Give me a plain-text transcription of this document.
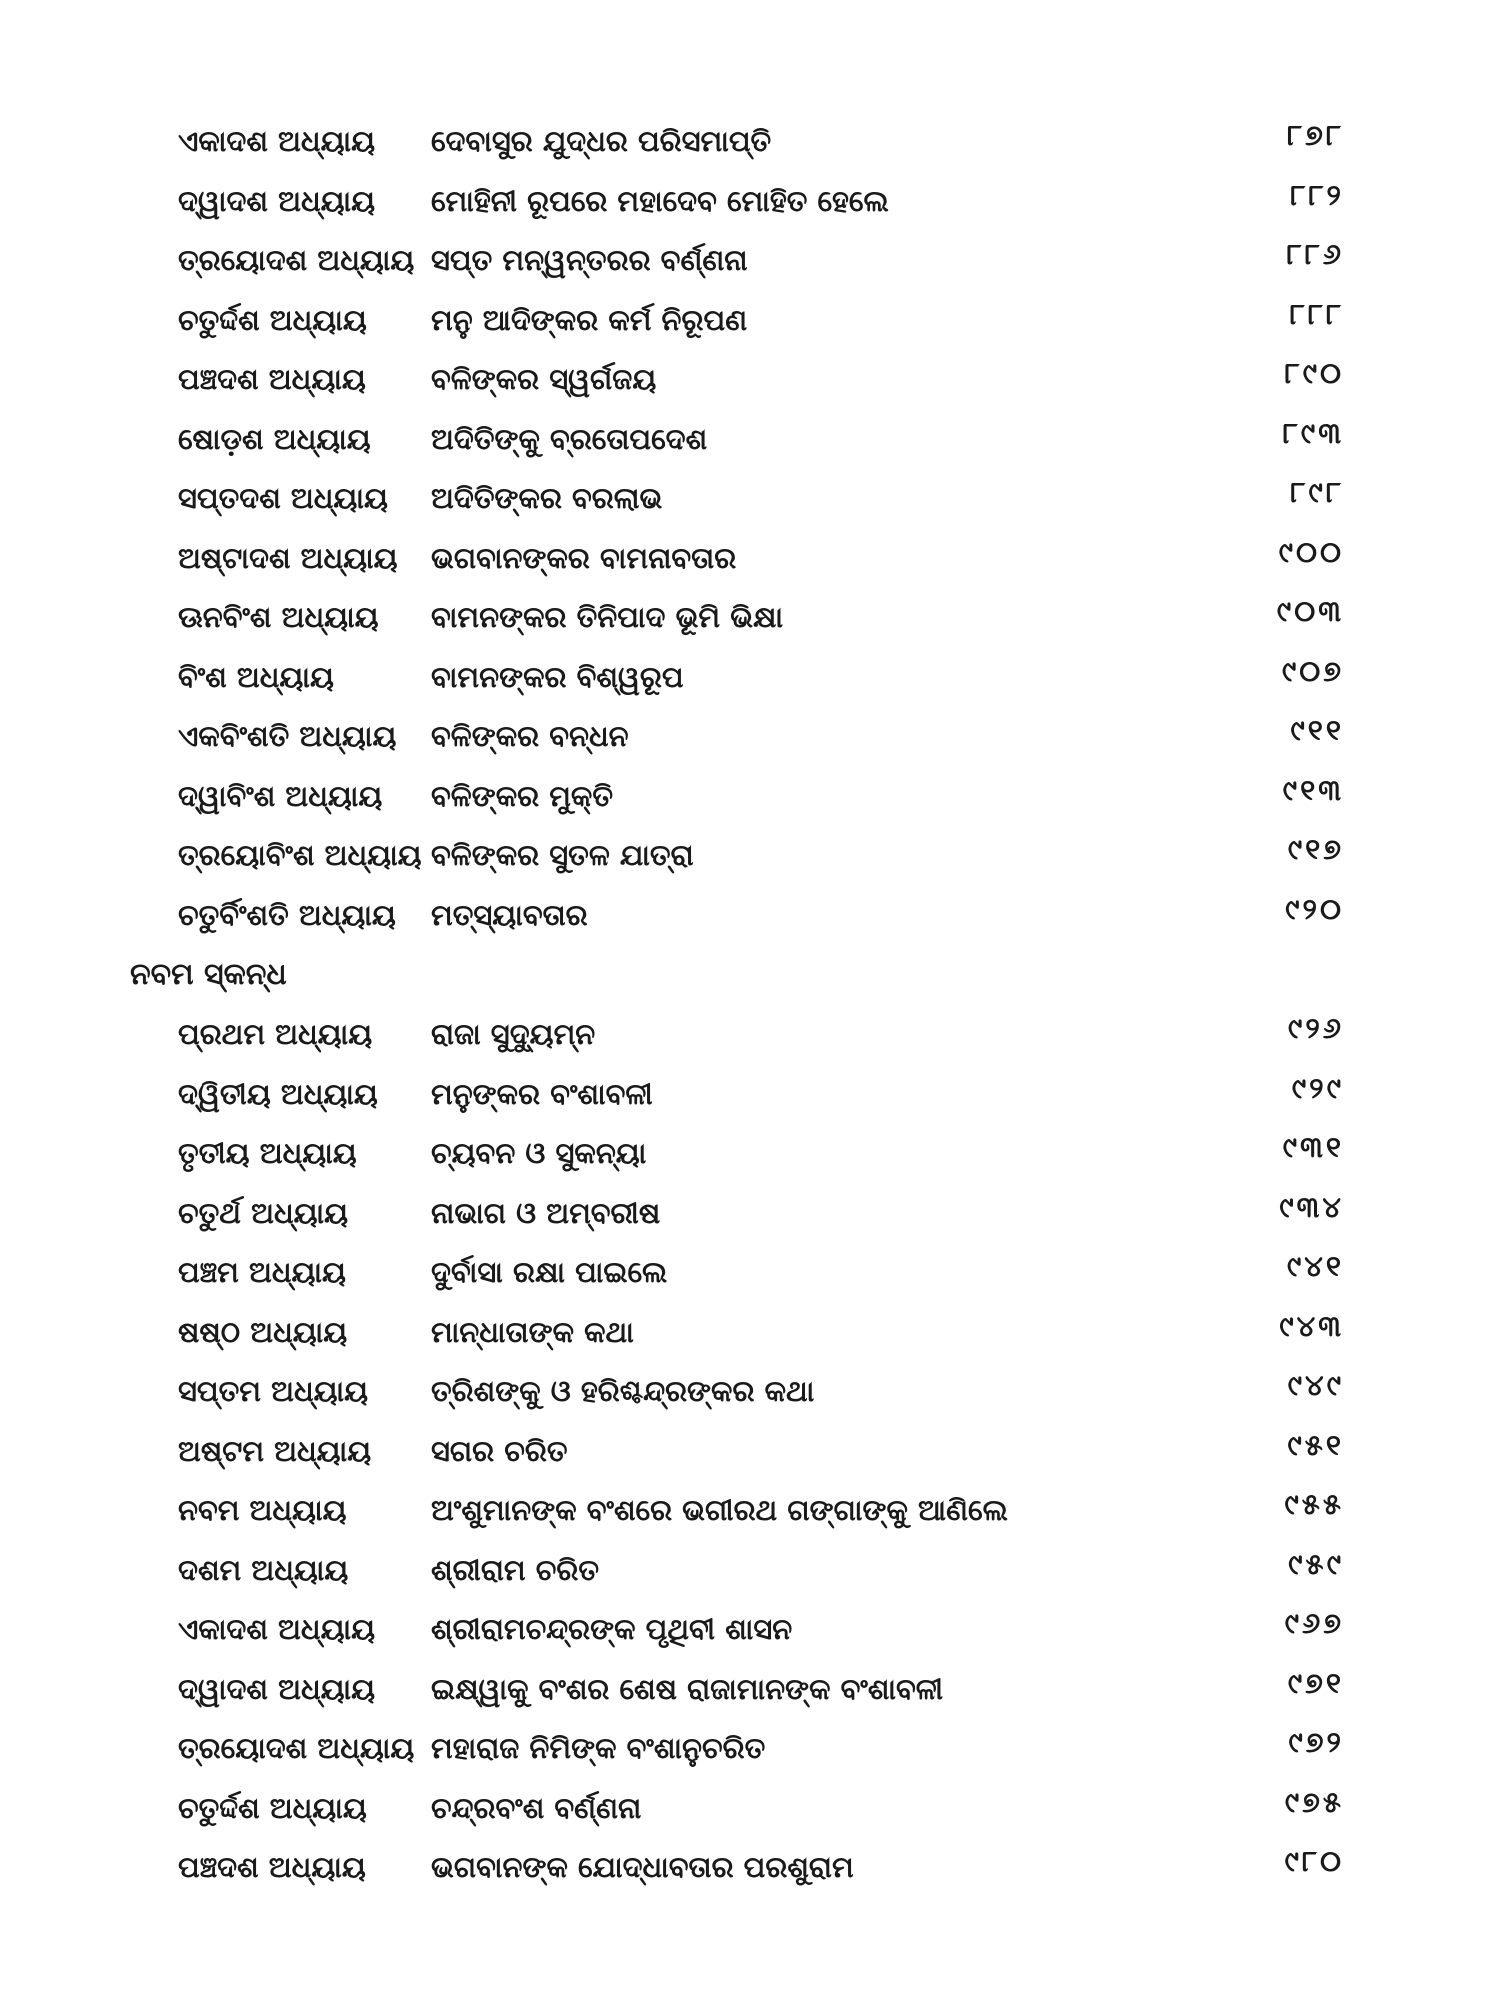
ଏକାଦଶ ଅଧ୍ୟାୟ ଦେବାସୁର ଯୁଦ୍ଧର ପରିସମାପ୍ତି	୮୭୮
ଦ୍ୱାଦଶ ଅଧ୍ୟାୟ ମୋହିନୀ ରୂପରେ ମହାଦେବ ମୋହିତ ହେଲେ	୮୮୨
ତ୍ରୟୋଦଶ ଅଧ୍ୟାୟ ସପ୍ତ ମନ୍ୱନ୍ତରର ବର୍ଣ୍ଣନା	୮୮୬
ଚତୁର୍ଦ୍ଦଶ ଅଧ୍ୟାୟ ମନୁ ଆଦିଙ୍କର କର୍ମ ନିରୂପଣ	୮୮୮
ପଞ୍ଚଦଶ ଅଧ୍ୟାୟ ବଳିଙ୍କର ସ୍ୱର୍ଗଜୟ	୮୯୦
ଷୋଡ଼ଶ ଅଧ୍ୟାୟ ଅଦିତିଙ୍କୁ ବ୍ରତୋପଦେଶ	୮୯୩
ସପ୍ତଦଶ ଅଧ୍ୟାୟ ଅଦିତିଙ୍କର ବରଲାଭ	୮୯୮
ଅଷ୍ଟାଦଶ ଅଧ୍ୟାୟ ଭଗବାନଙ୍କର ବାମନାବତାର	୯୦୦
ଊନବିଂଶ ଅଧ୍ୟାୟ ବାମନଙ୍କର ତିନିପାଦ ଭୂମି ଭିକ୍ଷା	୯୦୩
ବିଂଶ ଅଧ୍ୟାୟ	ବାମନଙ୍କର ବିଶ୍ୱରୂପ	୯୦୭
ଏକବିଂଶତି ଅଧ୍ୟାୟ ବଳିଙ୍କର ବନ୍ଧନ	୯୧୧
ଦ୍ୱାବିଂଶ ଅଧ୍ୟାୟ ବଳିଙ୍କର ମୁକ୍ତି	୯୧୩
ତ୍ରୟୋବିଂଶ ଅଧ୍ୟାୟ ବଳିଙ୍କର ସୁତଳ ଯାତ୍ରା	୯୧୭
ଚତୁର୍ବିଂଶତି ଅଧ୍ୟାୟ ମତ୍ସ୍ୟାବତାର	୯୨୦
ନବମ ସ୍କନ୍ଧ
ପ୍ରଥମ ଅଧ୍ୟାୟ ରାଜା ସୁଦ୍ୟୁମ୍ନ	୯୨୬
ଦ୍ୱିତୀୟ ଅଧ୍ୟାୟ ମନୁଙ୍କର ବଂଶାବଳୀ	୯୨୯
ତୃତୀୟ ଅଧ୍ୟାୟ	ଚ୍ୟବନ ଓ ସୁକନ୍ୟା	୯୩୧
ଚତୁର୍ଥ ଅଧ୍ୟାୟ	ନାଭାଗ ଓ ଅମ୍ବରୀଷ	୯୩୪
ପଞ୍ଚମ ଅଧ୍ୟାୟ	ଦୁର୍ବାସା ରକ୍ଷା ପାଇଲେ	୯୪୧
ଷଷ୍ଠ ଅଧ୍ୟାୟ	ମାନ୍ଧାତାଙ୍କ କଥା	୯୪୩
ସପ୍ତମ ଅଧ୍ୟାୟ ତ୍ରିଶଙ୍କୁ ଓ ହରିଶ୍ଚନ୍ଦ୍ରଙ୍କର କଥା	୯୪୯
ଅଷ୍ଟମ ଅଧ୍ୟାୟ ସଗର ଚରିତ	୯୫୧
ନବମ ଅଧ୍ୟାୟ	ଅଂଶୁମାନଙ୍କ ବଂଶରେ ଭଗୀରଥ ଗଙ୍ଗାଙ୍କୁ ଆଣିଲେ	୯୫୫
ଦଶମ ଅଧ୍ୟାୟ	ଶ୍ରୀରାମ ଚରିତ	୯୫୯
ଏକାଦଶ ଅଧ୍ୟାୟ ଶ୍ରୀରାମଚନ୍ଦ୍ରଙ୍କ ପୃଥିବୀ ଶାସନ	୯୬୭
ଦ୍ୱାଦଶ ଅଧ୍ୟାୟ ଇକ୍ଷ୍ୱାକୁ ବଂଶର ଶେଷ ରାଜାମାନଙ୍କ ବଂଶାବଳୀ	୯୭୧
ତ୍ରୟୋଦଶ ଅଧ୍ୟାୟ ମହାରାଜ ନିମିଙ୍କ ବଂଶାନୁଚରିତ	୯୭୨
ଚତୁର୍ଦ୍ଦଶ ଅଧ୍ୟାୟ ଚନ୍ଦ୍ରବଂଶ ବର୍ଣ୍ଣନା	୯୭୫
ପଞ୍ଚଦଶ ଅଧ୍ୟାୟ ଭଗବାନଙ୍କ ଯୋଦ୍ଧାବତାର ପରଶୁରାମ	୯୮୦
